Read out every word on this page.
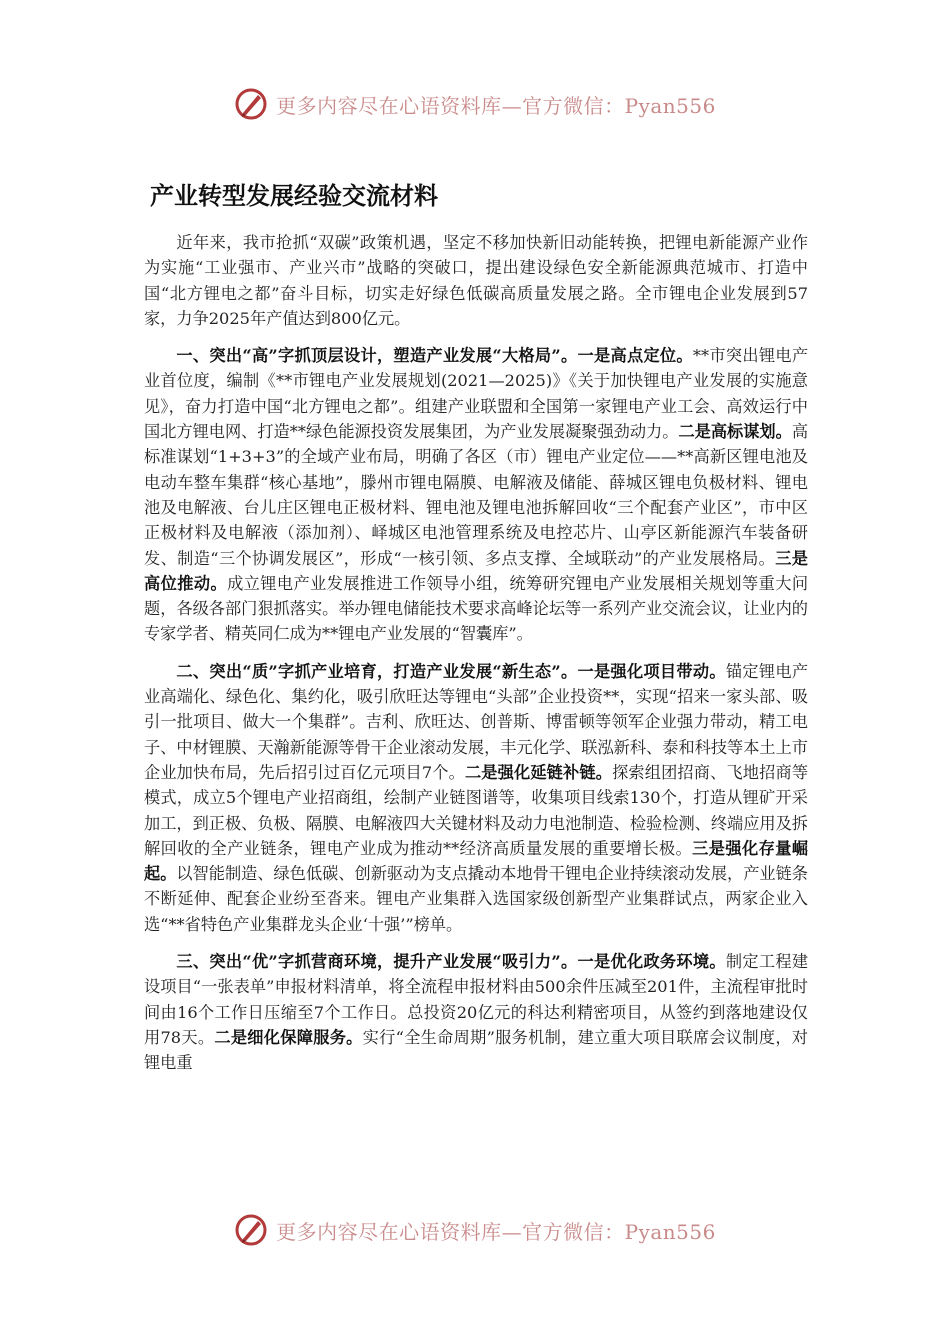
更多内容尽在心语资料库—官方微信：Pyan556
产业转型发展经验交流材料

近年来，我市抢抓“双碳”政策机遇，坚定不移加快新旧动能转换，把锂电新能源产业作为实施“工业强市、产业兴市”战略的突破口，提出建设绿色安全新能源典范城市、打造中国“北方锂电之都”奋斗目标，切实走好绿色低碳高质量发展之路。全市锂电企业发展到57家，力争2025年产值达到800亿元。

一、突出“高”字抓顶层设计，塑造产业发展“大格局”。一是高点定位。**市突出锂电产业首位度，编制《**市锂电产业发展规划(2021—2025)》《关于加快锂电产业发展的实施意见》，奋力打造中国“北方锂电之都”。组建产业联盟和全国第一家锂电产业工会、高效运行中国北方锂电网、打造**绿色能源投资发展集团，为产业发展凝聚强劲动力。二是高标谋划。高标准谋划“1+3+3”的全域产业布局，明确了各区（市）锂电产业定位——**高新区锂电池及电动车整车集群“核心基地”，滕州市锂电隔膜、电解液及储能、薛城区锂电负极材料、锂电池及电解液、台儿庄区锂电正极材料、锂电池及锂电池拆解回收“三个配套产业区”，市中区正极材料及电解液（添加剂）、峄城区电池管理系统及电控芯片、山亭区新能源汽车装备研发、制造“三个协调发展区”，形成“一核引领、多点支撑、全域联动”的产业发展格局。三是高位推动。成立锂电产业发展推进工作领导小组，统筹研究锂电产业发展相关规划等重大问题，各级各部门狠抓落实。举办锂电储能技术要求高峰论坛等一系列产业交流会议，让业内的专家学者、精英同仁成为**锂电产业发展的“智囊库”。

二、突出“质”字抓产业培育，打造产业发展“新生态”。一是强化项目带动。锚定锂电产业高端化、绿色化、集约化，吸引欣旺达等锂电“头部”企业投资**，实现“招来一家头部、吸引一批项目、做大一个集群”。吉利、欣旺达、创普斯、博雷顿等领军企业强力带动，精工电子、中材锂膜、天瀚新能源等骨干企业滚动发展，丰元化学、联泓新科、泰和科技等本土上市企业加快布局，先后招引过百亿元项目7个。二是强化延链补链。探索组团招商、飞地招商等模式，成立5个锂电产业招商组，绘制产业链图谱等，收集项目线索130个，打造从锂矿开采加工，到正极、负极、隔膜、电解液四大关键材料及动力电池制造、检验检测、终端应用及拆解回收的全产业链条，锂电产业成为推动**经济高质量发展的重要增长极。三是强化存量崛起。以智能制造、绿色低碳、创新驱动为支点撬动本地骨干锂电企业持续滚动发展，产业链条不断延伸、配套企业纷至沓来。锂电产业集群入选国家级创新型产业集群试点，两家企业入选“**省特色产业集群龙头企业‘十强’”榜单。

三、突出“优”字抓营商环境，提升产业发展“吸引力”。一是优化政务环境。制定工程建设项目“一张表单”申报材料清单，将全流程申报材料由500余件压减至201件，主流程审批时间由16个工作日压缩至7个工作日。总投资20亿元的科达利精密项目，从签约到落地建设仅用78天。二是细化保障服务。实行“全生命周期”服务机制，建立重大项目联席会议制度，对锂电重

更多内容尽在心语资料库—官方微信：Pyan556
